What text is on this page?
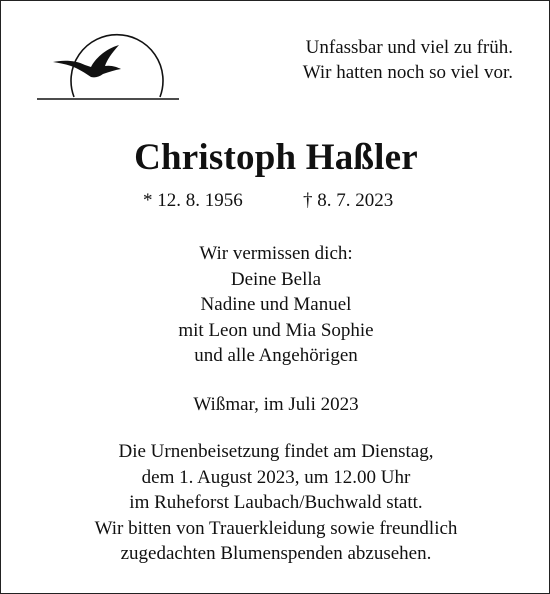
Unfassbar und viel zu früh.
Wir hatten noch so viel vor.
Christoph Haßler
* 12. 8. 1956	† 8. 7. 2023
Wir vermissen dich:
Deine Bella
Nadine und Manuel
mit Leon und Mia Sophie
und alle Angehörigen
Wißmar, im Juli 2023
Die Urnenbeisetzung findet am Dienstag,
dem 1. August 2023, um 12.00 Uhr
im Ruheforst Laubach/Buchwald statt.
Wir bitten von Trauerkleidung sowie freundlich
zugedachten Blumenspenden abzusehen.
